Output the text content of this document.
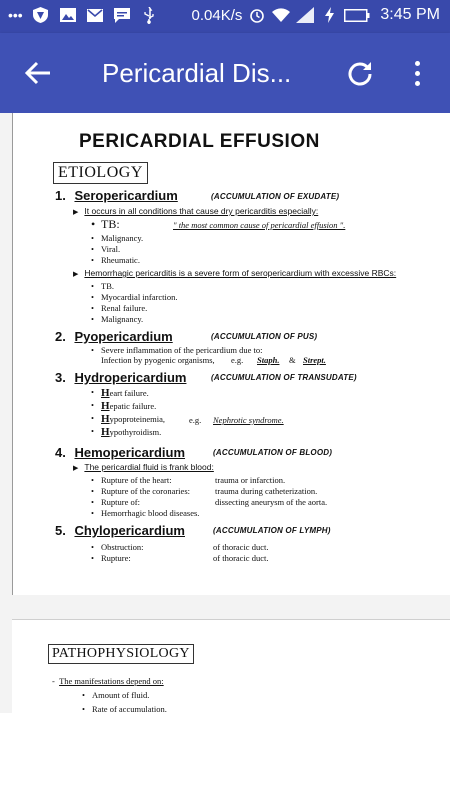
•••	0.04K/s	3:45 PM
Pericardial Dis...
PERICARDIAL EFFUSION
ETIOLOGY
1. Seropericardium	(ACCUMULATION OF EXUDATE)
▶ It occurs in all conditions that cause dry pericarditis especially:
• TB:	" the most common cause of pericardial effusion ".
• Malignancy.
• Viral.
• Rheumatic.
▶ Hemorrhagic pericarditis is a severe form of seropericardium with excessive RBCs:
• TB.
• Myocardial infarction.
• Renal failure.
• Malignancy.
2. Pyopericardium	(ACCUMULATION OF PUS)
• Severe inflammation of the pericardium due to:
Infection by pyogenic organisms, e.g. Staph. & Strept.
3. Hydropericardium	(ACCUMULATION OF TRANSUDATE)
• Heart failure.
• Hepatic failure.
• Hypoproteinemia,	e.g. Nephrotic syndrome.
• Hypothyroidism.
4. Hemopericardium	(ACCUMULATION OF BLOOD)
▶ The pericardial fluid is frank blood:
• Rupture of the heart:	trauma or infarction.
• Rupture of the coronaries:	trauma during catheterization.
• Rupture of:	dissecting aneurysm of the aorta.
• Hemorrhagic blood diseases.
5. Chylopericardium	(ACCUMULATION OF LYMPH)
• Obstruction:	of thoracic duct.
• Rupture:	of thoracic duct.
PATHOPHYSIOLOGY
-  The manifestations depend on:
• Amount of fluid.
• Rate of accumulation.
